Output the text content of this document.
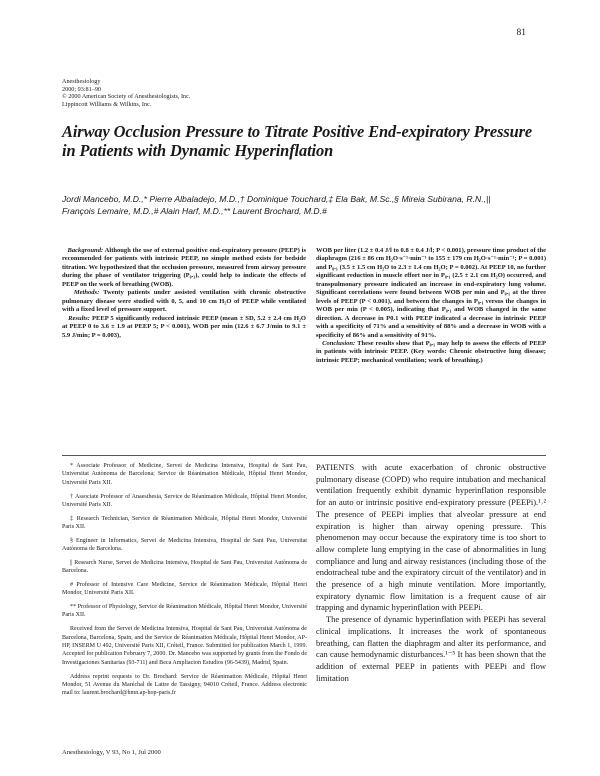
81
Anesthesiology
2000; 93:81–90
© 2000 American Society of Anesthesiologists, Inc.
Lippincott Williams & Wilkins, Inc.
Airway Occlusion Pressure to Titrate Positive End-expiratory Pressure in Patients with Dynamic Hyperinflation
Jordi Mancebo, M.D.,* Pierre Albaladejo, M.D.,† Dominique Touchard,‡ Ela Bak, M.Sc.,§ Mireia Subirana, R.N.,||
François Lemaire, M.D.,# Alain Harf, M.D.,** Laurent Brochard, M.D.#

Background: Although the use of external positive end-expiratory pressure (PEEP) is recommended for patients with intrinsic PEEP, no simple method exists for bedside titration. We hypothesized that the occlusion pressure, measured from airway pressure during the phase of ventilator triggering (P₀.₁), could help to indicate the effects of PEEP on the work of breathing (WOB).

Methods: Twenty patients under assisted ventilation with chronic obstructive pulmonary disease were studied with 0, 5, and 10 cm H₂O of PEEP while ventilated with a fixed level of pressure support.

Results: PEEP 5 significantly reduced intrinsic PEEP (mean ± SD, 5.2 ± 2.4 cm H₂O at PEEP 0 to 3.6 ± 1.9 at PEEP 5; P < 0.001), WOB per min (12.6 ± 6.7 J/min to 9.1 ± 5.9 J/min; P = 0.003),

WOB per liter (1.2 ± 0.4 J/l to 0.8 ± 0.4 J/l; P < 0.001), pressure time product of the diaphragm (216 ± 86 cm H₂O·s⁻¹·min⁻¹ to 155 ± 179 cm H₂O·s⁻¹·min⁻¹; P = 0.001) and P₀.₁ (3.5 ± 1.5 cm H₂O to 2.3 ± 1.4 cm H₂O; P = 0.002). At PEEP 10, no further significant reduction in muscle effort nor in P₀.₁ (2.5 ± 2.1 cm H₂O) occurred, and transpulmonary pressure indicated an increase in end-expiratory lung volume. Significant correlations were found between WOB per min and P₀.₁ at the three levels of PEEP (P < 0.001), and between the changes in P₀.₁ versus the changes in WOB per min (P < 0.005), indicating that P₀.₁ and WOB changed in the same direction. A decrease in P0.1 with PEEP indicated a decrease in intrinsic PEEP with a specificity of 71% and a sensitivity of 88% and a decrease in WOB with a specificity of 86% and a sensitivity of 91%.

Conclusion: These results show that P₀.₁ may help to assess the effects of PEEP in patients with intrinsic PEEP. (Key words: Chronic obstructive lung disease; intrinsic PEEP; mechanical ventilation; work of breathing.)

* Associate Professor of Medicine, Servei de Medicina Intensiva, Hospital de Sant Pau, Universitat Autònoma de Barcelona; Service de Réanimation Médicale, Hôpital Henri Mondor, Université Paris XII.

† Associate Professor of Anaesthesia, Service de Réanimation Médicale, Hôpital Henri Mondor, Université Paris XII.

‡ Research Technician, Service de Réanimation Médicale, Hôpital Henri Mondor, Université Paris XII.

§ Engineer in Informatics, Servei de Medicina Intensiva, Hospital de Sant Pau, Universitat Autònoma de Barcelona.

|| Research Nurse, Servei de Medicina Intensiva, Hospital de Sant Pau, Universitat Autònoma de Barcelona.

# Professor of Intensive Care Medicine, Service de Réanimation Médicale, Hôpital Henri Mondor, Université Paris XII.

** Professor of Physiology, Service de Réanimation Médicale, Hôpital Henri Mondor, Université Paris XII.

Received from the Servei de Medicina Intensiva, Hospital de Sant Pau, Universitat Autònoma de Barcelona, Barcelona, Spain, and the Service de Réanimation Médicale, Hôpital Henri Mondor, AP-HP, INSERM U 492, Université Paris XII, Créteil, France. Submitted for publication March 1, 1999. Accepted for publication February 7, 2000. Dr. Mancebo was supported by grants from the Fondo de Investigaciones Sanitarias (93-711) and Beca Ampliacion Estudios (96-5439), Madrid, Spain.

Address reprint requests to Dr. Brochard: Service de Réanimation Médicale, Hôpital Henri Mondor, 51 Avenue du Maréchal de Lattre de Tassigny, 94010 Créteil, France. Address electronic mail to: laurent.brochard@hmn.ap-hop-paris.fr

PATIENTS with acute exacerbation of chronic obstructive pulmonary disease (COPD) who require intubation and mechanical ventilation frequently exhibit dynamic hyperinflation responsible for an auto or intrinsic positive end-expiratory pressure (PEEPi).¹˒² The presence of PEEPi implies that alveolar pressure at end expiration is higher than airway opening pressure. This phenomenon may occur because the expiratory time is too short to allow complete lung emptying in the case of abnormalities in lung compliance and lung and airway resistances (including those of the endotracheal tube and the expiratory circuit of the ventilator) and in the presence of a high minute ventilation. More importantly, expiratory dynamic flow limitation is a frequent cause of air trapping and dynamic hyperinflation with PEEPi.

The presence of dynamic hyperinflation with PEEPi has several clinical implications. It increases the work of spontaneous breathing, can flatten the diaphragm and alter its performance, and can cause hemodynamic disturbances.¹⁻⁵ It has been shown that the addition of external PEEP in patients with PEEPi and flow limitation

Anesthesiology, V 93, No 1, Jul 2000
